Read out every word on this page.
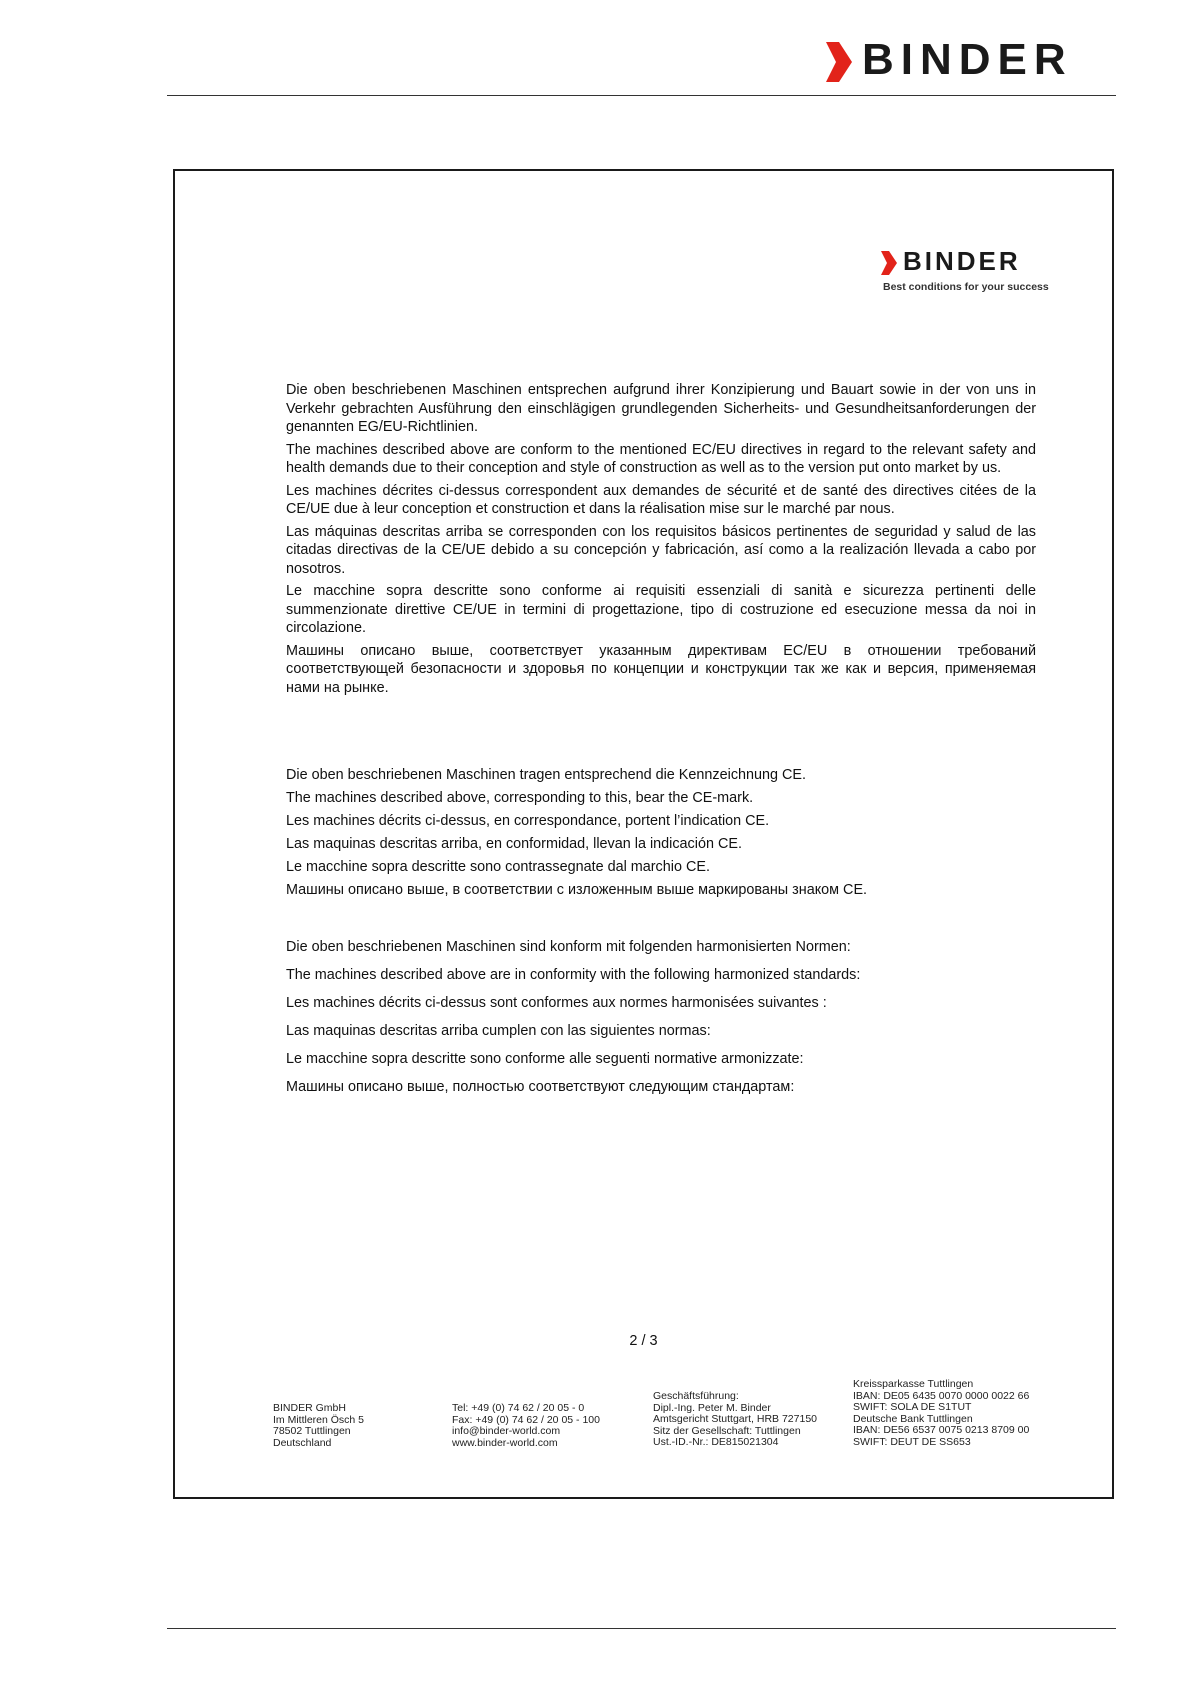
BINDER
BINDER
Best conditions for your success

Die oben beschriebenen Maschinen entsprechen aufgrund ihrer Konzipierung und Bauart sowie in der von uns in Verkehr gebrachten Ausführung den einschlägigen grundlegenden Sicherheits- und Gesundheitsanforderungen der genannten EG/EU-Richtlinien.

The machines described above are conform to the mentioned EC/EU directives in regard to the relevant safety and health demands due to their conception and style of construction as well as to the version put onto market by us.

Les machines décrites ci-dessus correspondent aux demandes de sécurité et de santé des directives citées de la CE/UE due à leur conception et construction et dans la réalisation mise sur le marché par nous.

Las máquinas descritas arriba se corresponden con los requisitos básicos pertinentes de seguridad y salud de las citadas directivas de la CE/UE debido a su concepción y fabricación, así como a la realización llevada a cabo por nosotros.

Le macchine sopra descritte sono conforme ai requisiti essenziali di sanità e sicurezza pertinenti delle summenzionate direttive CE/UE in termini di progettazione, tipo di costruzione ed esecuzione messa da noi in circolazione.

Машины описано выше, соответствует указанным директивам EC/EU в отношении требований соответствующей безопасности и здоровья по концепции и конструкции так же как и версия, применяемая нами на рынке.

Die oben beschriebenen Maschinen tragen entsprechend die Kennzeichnung CE.

The machines described above, corresponding to this, bear the CE-mark.

Les machines décrits ci-dessus, en correspondance, portent l’indication CE.

Las maquinas descritas arriba, en conformidad, llevan la indicación CE.

Le macchine sopra descritte sono contrassegnate dal marchio CE.

Машины описано выше, в соответствии с изложенным выше маркированы знаком CE.

Die oben beschriebenen Maschinen sind konform mit folgenden harmonisierten Normen:

The machines described above are in conformity with the following harmonized standards:

Les machines décrits ci-dessus sont conformes aux normes harmonisées suivantes :

Las maquinas descritas arriba cumplen con las siguientes normas:

Le macchine sopra descritte sono conforme alle seguenti normative armonizzate:

Машины описано выше, полностью соответствуют следующим стандартам:

2 / 3
BINDER GmbH
Im Mittleren Ösch 5
78502 Tuttlingen
Deutschland
Tel: +49 (0) 74 62 / 20 05 - 0
Fax: +49 (0) 74 62 / 20 05 - 100
info@binder-world.com
www.binder-world.com
Geschäftsführung:
Dipl.-Ing. Peter M. Binder
Amtsgericht Stuttgart, HRB 727150
Sitz der Gesellschaft: Tuttlingen
Ust.-ID.-Nr.: DE815021304
Kreissparkasse Tuttlingen
IBAN: DE05 6435 0070 0000 0022 66
SWIFT: SOLA DE S1TUT
Deutsche Bank Tuttlingen
IBAN: DE56 6537 0075 0213 8709 00
SWIFT: DEUT DE SS653
